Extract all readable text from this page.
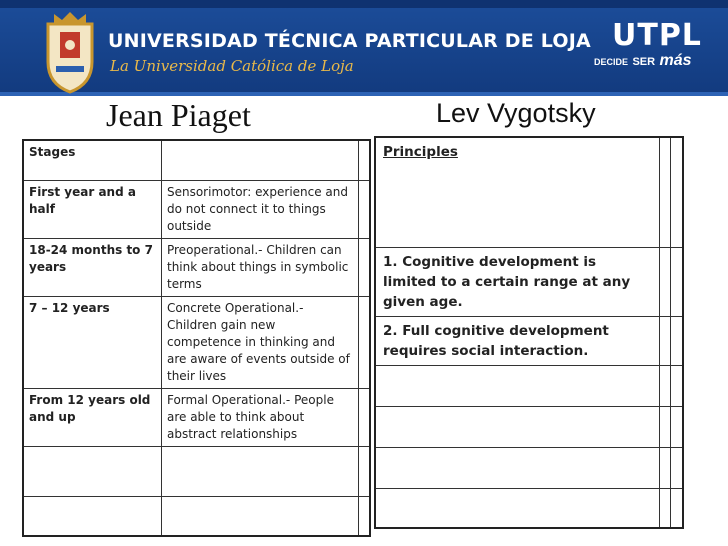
UNIVERSIDAD TÉCNICA PARTICULAR DE LOJA
La Universidad Católica de Loja
UTPL
DECIDE SER más
Jean Piaget	Lev Vygotsky
Stages		
First year and a half	Sensorimotor: experience and do not connect it to things outside	
18-24 months to 7 years	Preoperational.- Children can think about things in symbolic terms	
7 – 12 years	Concrete Operational.- Children gain new competence in thinking and are aware of events outside of their lives	
From 12 years old and up	Formal Operational.- People are able to think about abstract relationships	

Principles		
1. Cognitive development is limited to a certain range at any given age.		
2. Full cognitive development requires social interaction.		
